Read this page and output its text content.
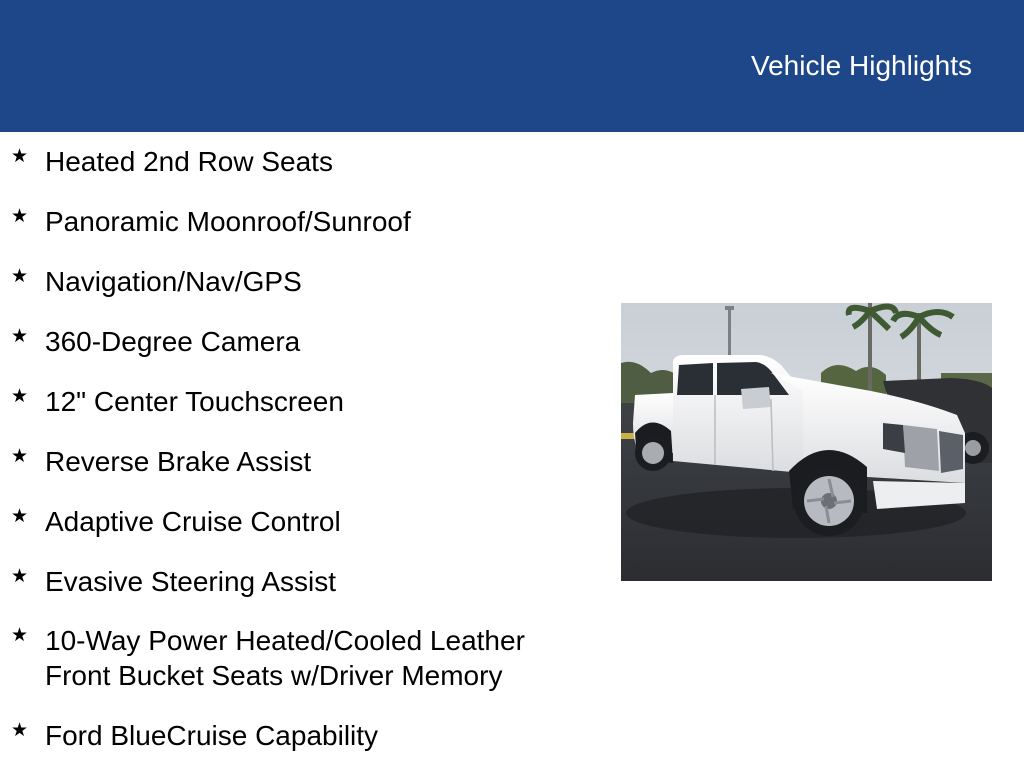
Vehicle Highlights
★ Heated 2nd Row Seats
★ Panoramic Moonroof/Sunroof
★ Navigation/Nav/GPS
★ 360-Degree Camera
★ 12" Center Touchscreen
★ Reverse Brake Assist
★ Adaptive Cruise Control
★ Evasive Steering Assist
★ 10-Way Power Heated/Cooled Leather Front Bucket Seats w/Driver Memory
★ Ford BlueCruise Capability
